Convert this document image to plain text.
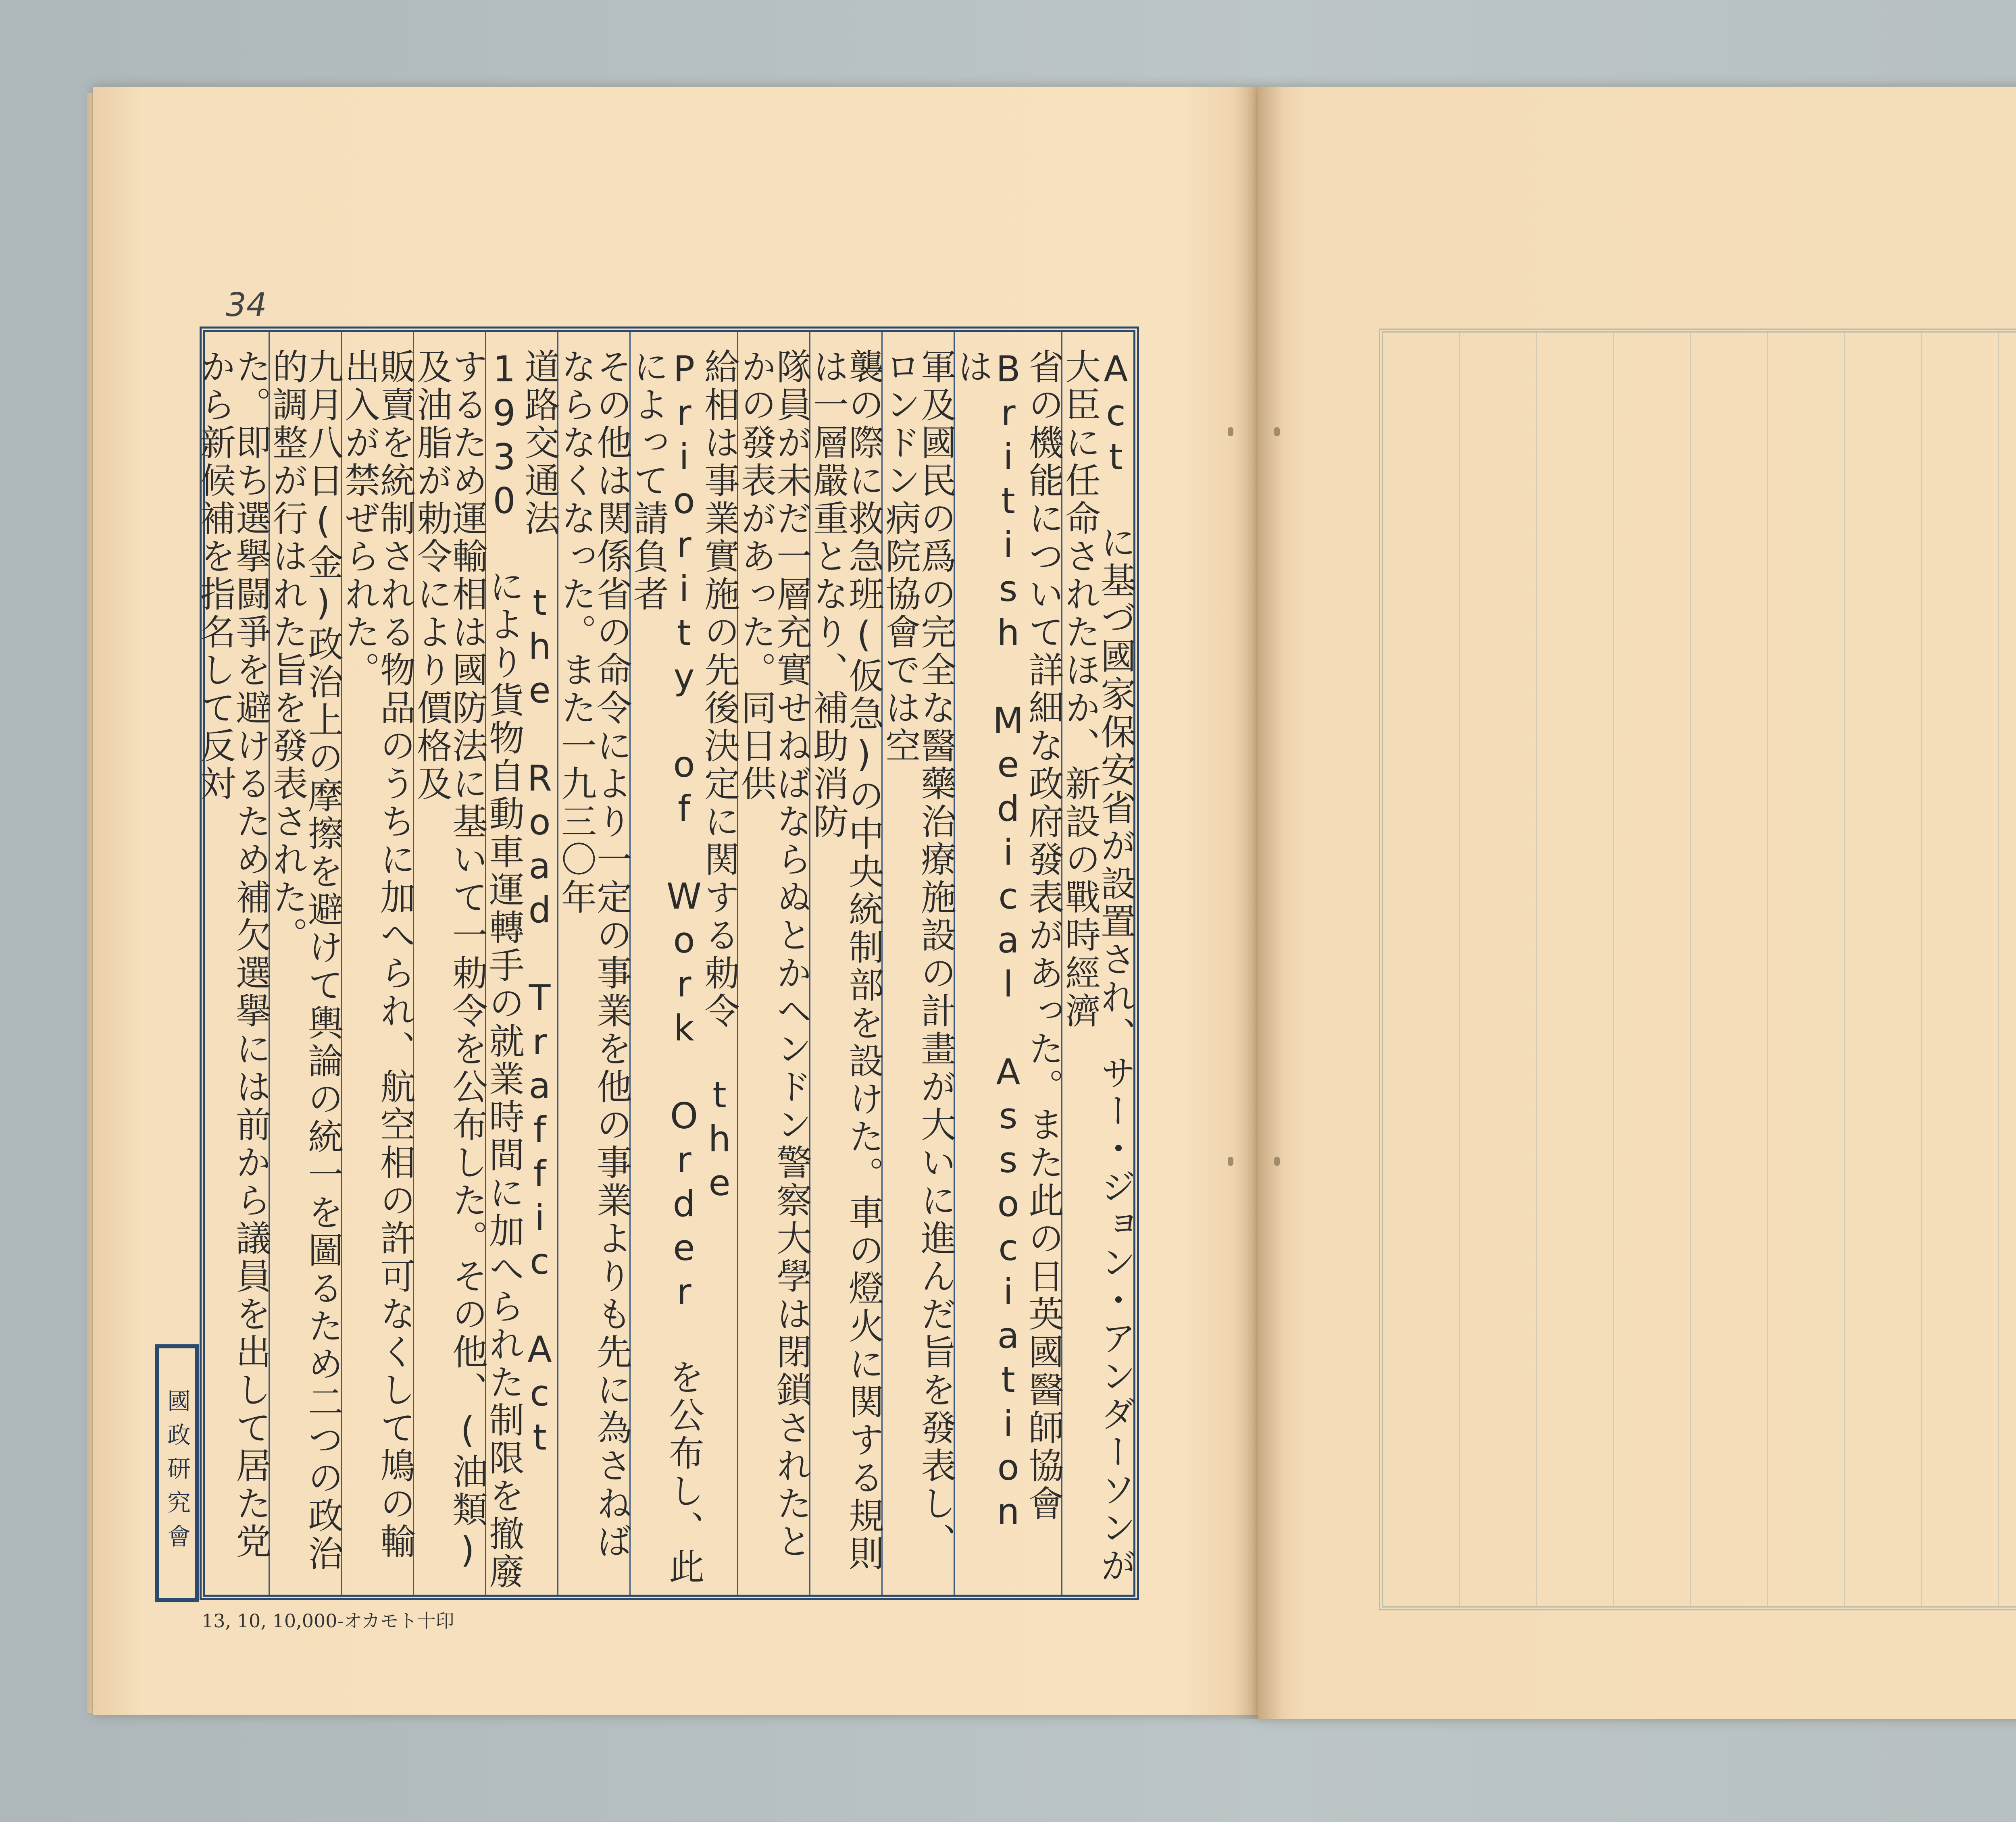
34
Act に基づ國家保安省が設置され、サー・ジョン・アンダーソンが大臣に任命されたほか、新設の戰時經濟
省の機能について詳細な政府發表があった。また此の日英國醫師協會 British Medical Association は
軍及國民の爲の完全な醫藥治療施設の計畫が大いに進んだ旨を發表し、ロンドン病院協會では空
襲の際に救急班(仮急)の中央統制部を設けた。車の燈火に関する規則は一層嚴重となり、補助消防
隊員が未だ一層充實せねばならぬとかヘンドン警察大學は閉鎖されたとかの發表があった。同日供
給相は事業實施の先後決定に関する勅令 the Priority of Work Order を公布し、此によって請負者
その他は関係省の命令により一定の事業を他の事業よりも先に為さねばならなくなった。また一九三〇年
道路交通法 the Road Traffic Act 1930 により貨物自動車運轉手の就業時間に加へられた制限を撤廢
するため運輸相は國防法に基いて一勅令を公布した。その他、(油類) 及油脂が勅令により價格及
販賣を統制される物品のうちに加へられ、航空相の許可なくして鳩の輸出入が禁ぜられた。
九月八日(金)政治上の摩擦を避けて輿論の統一を圖るため二つの政治的調整が行はれた旨を發表された。
た。即ち選擧闘爭を避けるため補欠選擧には前から議員を出して居た党から新候補を指名して反対
國政研究會
13, 10, 10,000-オカモト十印
